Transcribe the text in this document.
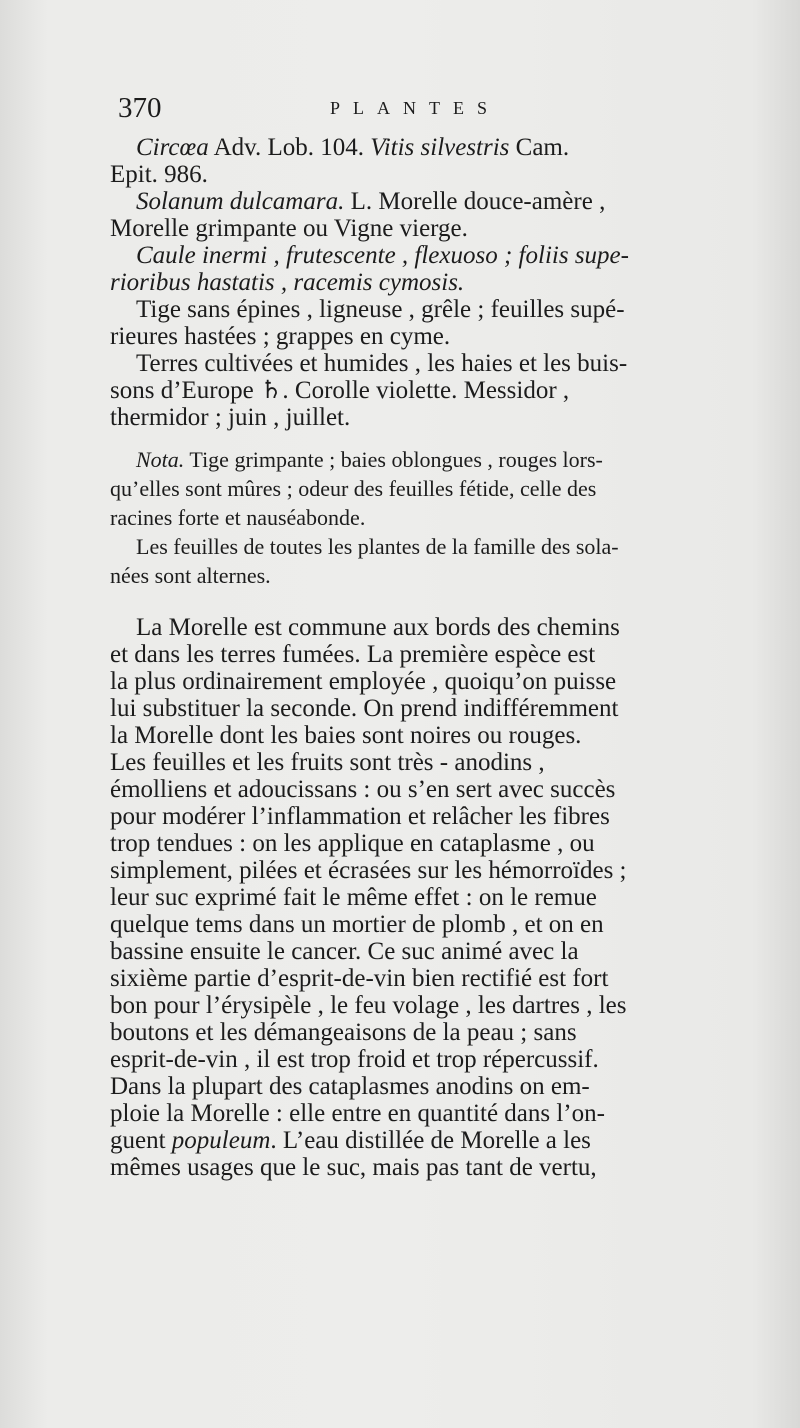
370	PLANTES
Circœa Adv. Lob. 104. Vitis silvestris Cam.
Epit. 986.
Solanum dulcamara. L. Morelle douce-amère ,
Morelle grimpante ou Vigne vierge.
Caule inermi , frutescente , flexuoso ; foliis supe-
rioribus hastatis , racemis cymosis.
Tige sans épines , ligneuse , grêle ; feuilles supé-
rieures hastées ; grappes en cyme.
Terres cultivées et humides , les haies et les buis-
sons d’Europe ♄. Corolle violette. Messidor ,
thermidor ; juin , juillet.
Nota. Tige grimpante ; baies oblongues , rouges lors-
qu’elles sont mûres ; odeur des feuilles fétide, celle des
racines forte et nauséabonde.
Les feuilles de toutes les plantes de la famille des sola-
nées sont alternes.
La Morelle est commune aux bords des chemins
et dans les terres fumées. La première espèce est
la plus ordinairement employée , quoiqu’on puisse
lui substituer la seconde. On prend indifféremment
la Morelle dont les baies sont noires ou rouges.
Les feuilles et les fruits sont très - anodins ,
émolliens et adoucissans : ou s’en sert avec succès
pour modérer l’inflammation et relâcher les fibres
trop tendues : on les applique en cataplasme , ou
simplement, pilées et écrasées sur les hémorroïdes ;
leur suc exprimé fait le même effet : on le remue
quelque tems dans un mortier de plomb , et on en
bassine ensuite le cancer. Ce suc animé avec la
sixième partie d’esprit-de-vin bien rectifié est fort
bon pour l’érysipèle , le feu volage , les dartres , les
boutons et les démangeaisons de la peau ; sans
esprit-de-vin , il est trop froid et trop répercussif.
Dans la plupart des cataplasmes anodins on em-
ploie la Morelle : elle entre en quantité dans l’on-
guent populeum. L’eau distillée de Morelle a les
mêmes usages que le suc, mais pas tant de vertu,
